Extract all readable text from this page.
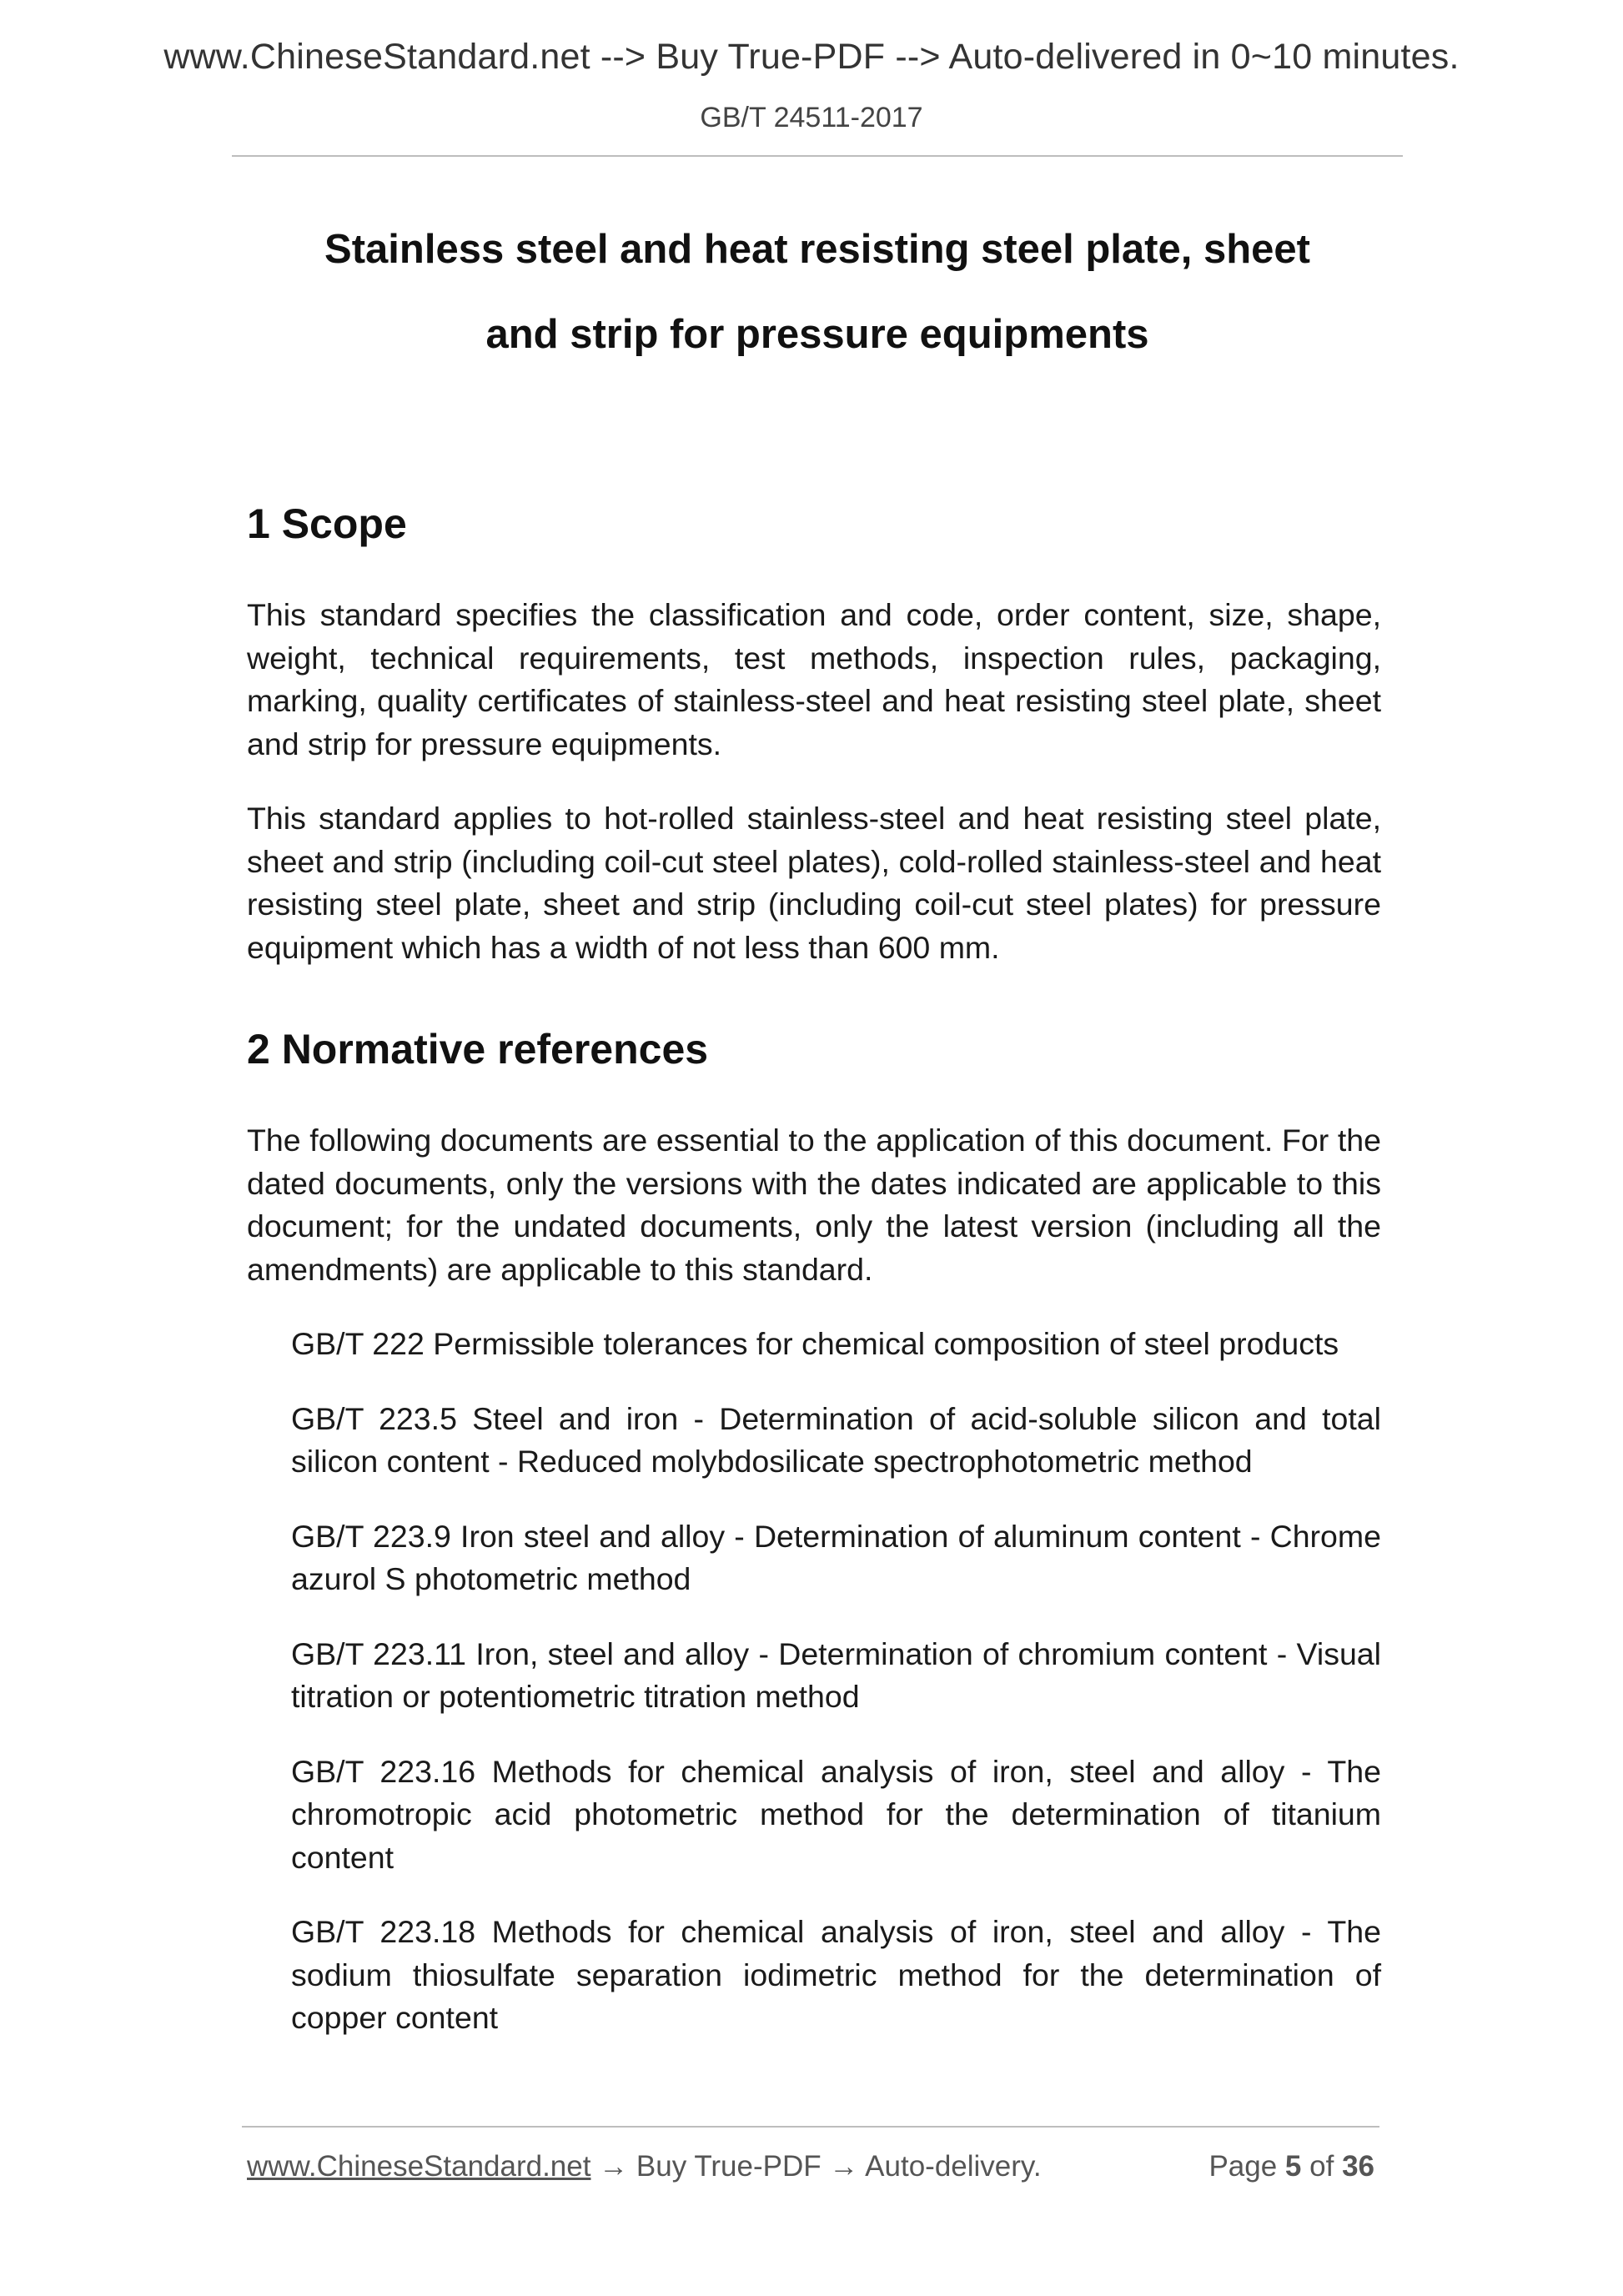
www.ChineseStandard.net --> Buy True-PDF --> Auto-delivered in 0~10 minutes.
GB/T 24511-2017
Stainless steel and heat resisting steel plate, sheet
and strip for pressure equipments
1 Scope

This standard specifies the classification and code, order content, size, shape, weight, technical requirements, test methods, inspection rules, packaging, marking, quality certificates of stainless-steel and heat resisting steel plate, sheet and strip for pressure equipments.

This standard applies to hot-rolled stainless-steel and heat resisting steel plate, sheet and strip (including coil-cut steel plates), cold-rolled stainless-steel and heat resisting steel plate, sheet and strip (including coil-cut steel plates) for pressure equipment which has a width of not less than 600 mm.

2 Normative references

The following documents are essential to the application of this document. For the dated documents, only the versions with the dates indicated are applicable to this document; for the undated documents, only the latest version (including all the amendments) are applicable to this standard.

GB/T 222 Permissible tolerances for chemical composition of steel products

GB/T 223.5 Steel and iron - Determination of acid-soluble silicon and total silicon content - Reduced molybdosilicate spectrophotometric method

GB/T 223.9 Iron steel and alloy - Determination of aluminum content - Chrome azurol S photometric method

GB/T 223.11 Iron, steel and alloy - Determination of chromium content - Visual titration or potentiometric titration method

GB/T 223.16 Methods for chemical analysis of iron, steel and alloy - The chromotropic acid photometric method for the determination of titanium content

GB/T 223.18 Methods for chemical analysis of iron, steel and alloy - The sodium thiosulfate separation iodimetric method for the determination of copper content

www.ChineseStandard.net → Buy True-PDF → Auto-delivery.	Page 5 of 36
